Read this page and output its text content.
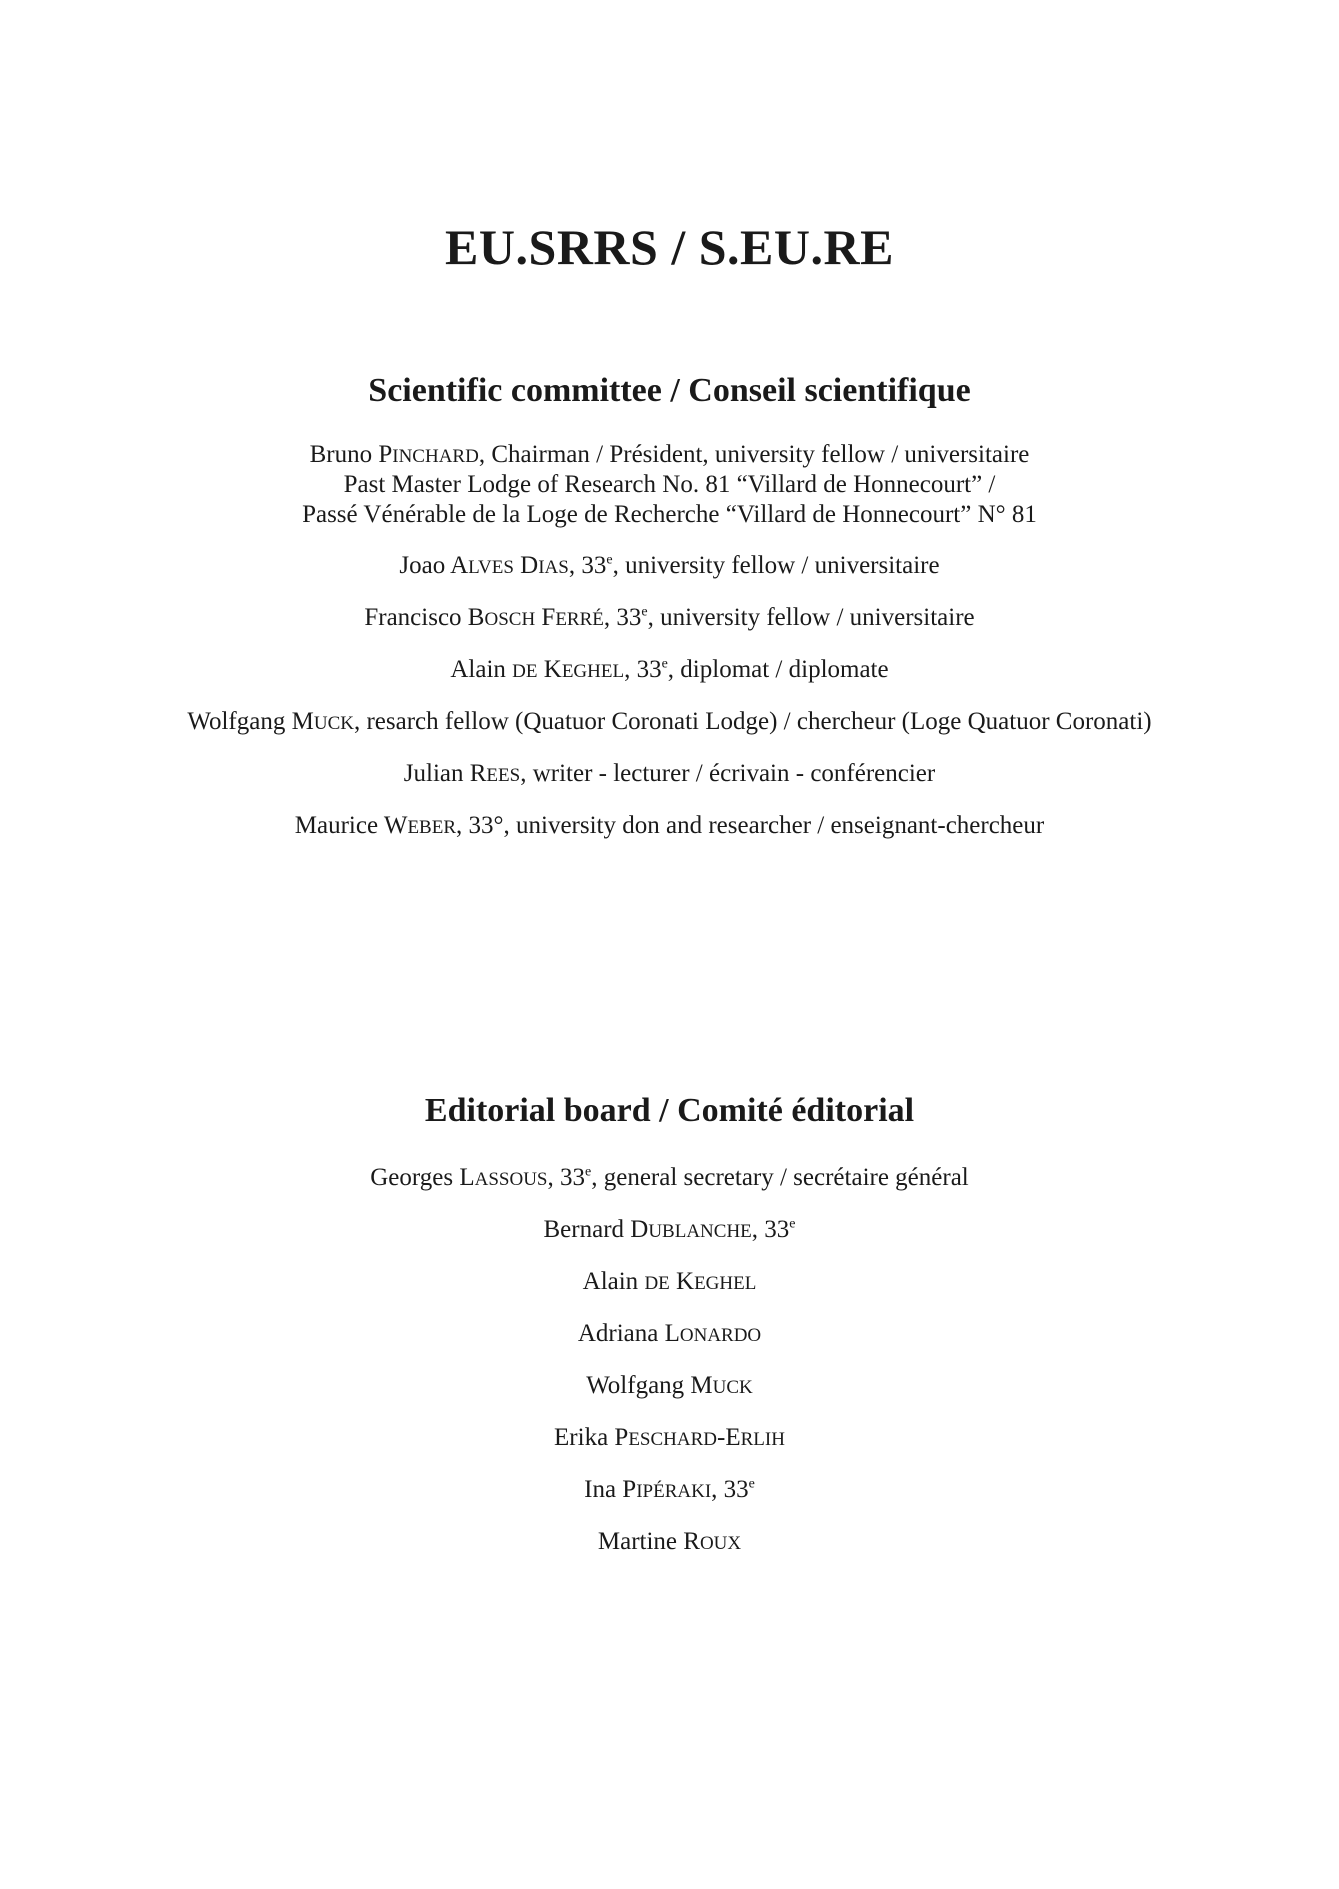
EU.SRRS / S.EU.RE
Scientific committee / Conseil scientifique

Bruno PINCHARD, Chairman / Président, university fellow / universitaire

Past Master Lodge of Research No. 81 “Villard de Honnecourt” /

Passé Vénérable de la Loge de Recherche “Villard de Honnecourt” N° 81

Joao ALVES DIAS, 33e, university fellow / universitaire

Francisco BOSCH FERRÉ, 33e, university fellow / universitaire

Alain DE KEGHEL, 33e, diplomat / diplomate

Wolfgang MUCK, resarch fellow (Quatuor Coronati Lodge) / chercheur (Loge Quatuor Coronati)

Julian REES, writer - lecturer / écrivain - conférencier

Maurice WEBER, 33°, university don and researcher / enseignant-chercheur

Editorial board / Comité éditorial

Georges LASSOUS, 33e, general secretary / secrétaire général

Bernard DUBLANCHE, 33e

Alain DE KEGHEL

Adriana LONARDO

Wolfgang MUCK

Erika PESCHARD-ERLIH

Ina PIPÉRAKI, 33e

Martine ROUX
